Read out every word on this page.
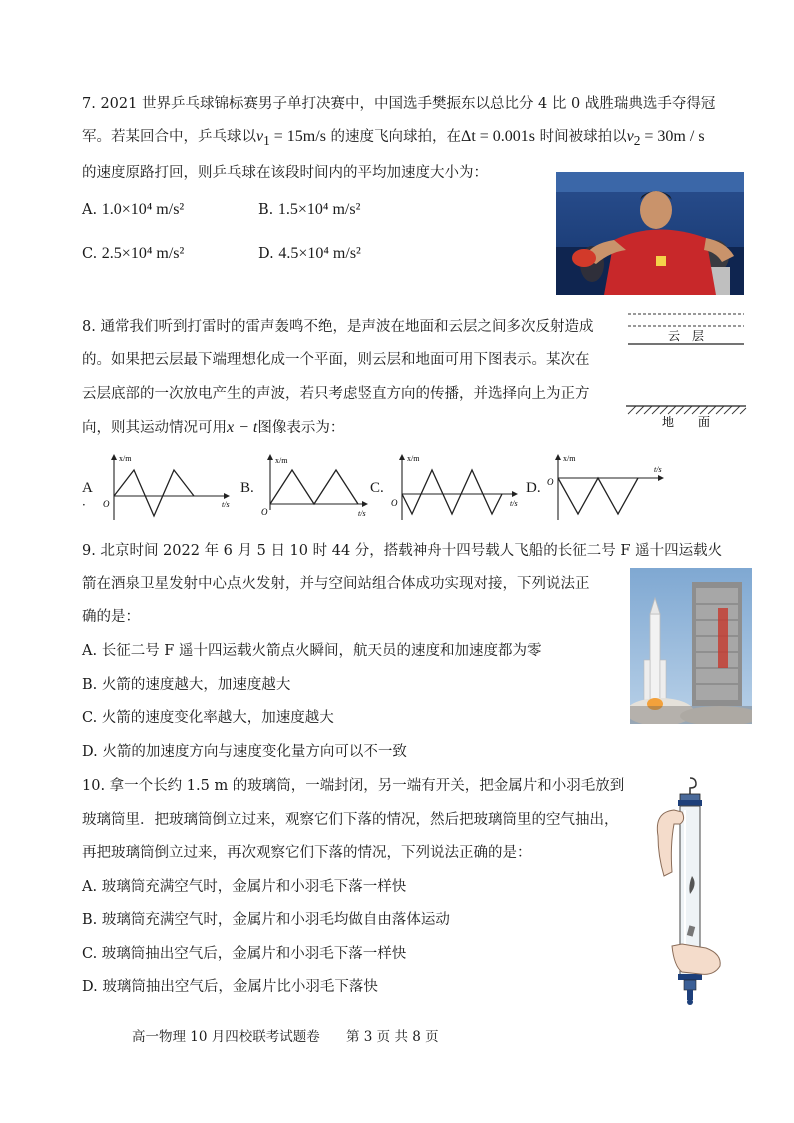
7. 2021 世界乒乓球锦标赛男子单打决赛中，中国选手樊振东以总比分 4 比 0 战胜瑞典选手夺得冠
军。若某回合中，乒乓球以$v_1 = 15m/s$ 的速度飞向球拍，在Δt = 0.001s 时间被球拍以$v_2 = 30m / s$
的速度原路打回，则乒乓球在该段时间内的平均加速度大小为：
A. 1.0×10⁴ m/s²	B. 1.5×10⁴ m/s²
C. 2.5×10⁴ m/s²	D. 4.5×10⁴ m/s²
8. 通常我们听到打雷时的雷声轰鸣不绝，是声波在地面和云层之间多次反射造成
的。如果把云层最下端理想化成一个平面，则云层和地面可用下图表示。某次在
云层底部的一次放电产生的声波，若只考虑竖直方向的传播，并选择向上为正方
向，则其运动情况可用x − t图像表示为：
云　层
地　　面
A
．
x/m
t/s
O
B.
x/m
t/s
O
C.
x/m
t/s
O
D.
x/m
t/s
O
9. 北京时间 2022 年 6 月 5 日 10 时 44 分，搭载神舟十四号载人飞船的长征二号 F 遥十四运载火
箭在酒泉卫星发射中心点火发射，并与空间站组合体成功实现对接，下列说法正
确的是：
A. 长征二号 F 遥十四运载火箭点火瞬间，航天员的速度和加速度都为零
B. 火箭的速度越大，加速度越大
C. 火箭的速度变化率越大，加速度越大
D. 火箭的加速度方向与速度变化量方向可以不一致
10. 拿一个长约 1.5 m 的玻璃筒，一端封闭，另一端有开关，把金属片和小羽毛放到
玻璃筒里．把玻璃筒倒立过来，观察它们下落的情况，然后把玻璃筒里的空气抽出，
再把玻璃筒倒立过来，再次观察它们下落的情况，下列说法正确的是：
A. 玻璃筒充满空气时，金属片和小羽毛下落一样快
B. 玻璃筒充满空气时，金属片和小羽毛均做自由落体运动
C. 玻璃筒抽出空气后，金属片和小羽毛下落一样快
D. 玻璃筒抽出空气后，金属片比小羽毛下落快
高一物理 10 月四校联考试题卷 第 3 页 共 8 页
